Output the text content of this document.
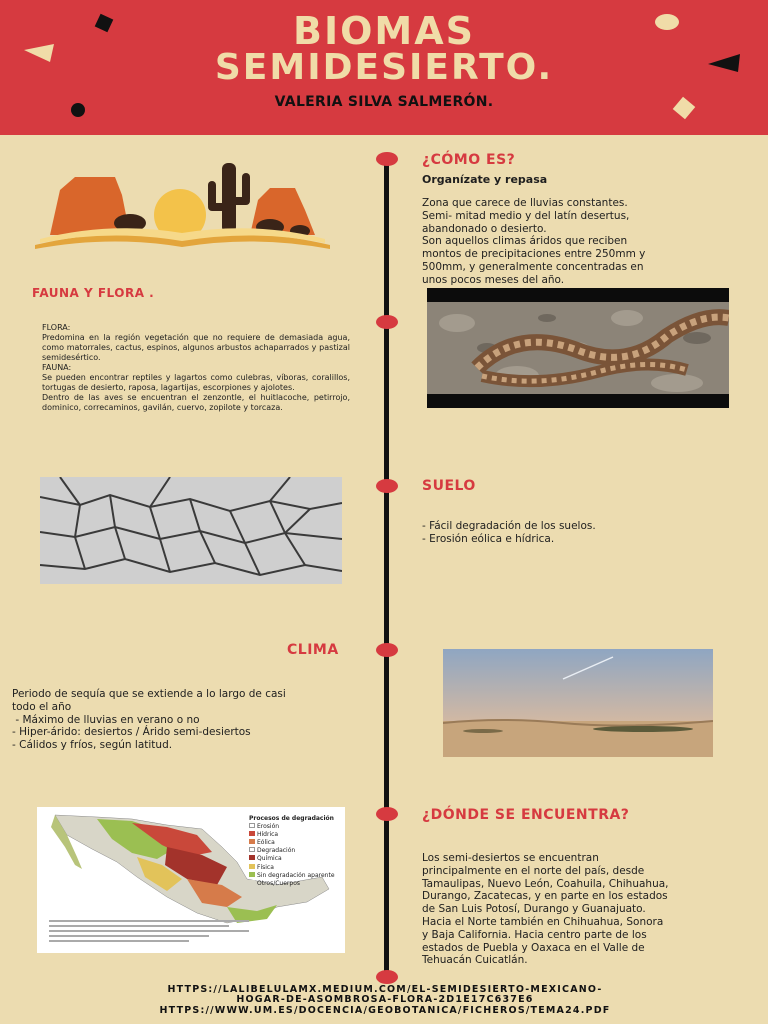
BIOMAS
SEMIDESIERTO.
VALERIA SILVA SALMERÓN.
¿CÓMO ES?
Organízate y repasa
Zona que carece de lluvias constantes.
Semi- mitad medio y del latín desertus,
abandonado o desierto.
Son aquellos climas áridos que reciben
montos de precipitaciones entre 250mm y
500mm, y generalmente concentradas en
unos pocos meses del año.
FAUNA Y FLORA .
FLORA:
Predomina en la región vegetación que no requiere de demasiada agua, como matorrales, cactus, espinos, algunos arbustos achaparrados y pastizal semidesértico.
FAUNA:
Se pueden encontrar reptiles y lagartos como culebras, víboras, coralillos, tortugas de desierto, raposa, lagartijas, escorpiones y ajolotes.
Dentro de las aves se encuentran el zenzontle, el huitlacoche, petirrojo, dominico, correcaminos, gavilán, cuervo, zopilote y torcaza.
SUELO
- Fácil degradación de los suelos.
- Erosión eólica e hídrica.
CLIMA
Periodo de sequía que se extiende a lo largo de casi
todo el año
- Máximo de lluvias en verano o no
- Hiper-árido: desiertos / Árido semi-desiertos
- Cálidos y fríos, según latitud.
Procesos de degradación
Erosión
Hídrica
Eólica
Degradación
Química
Física
Sin degradación aparente
Otros/Cuerpos
¿DÓNDE SE ENCUENTRA?
Los semi-desiertos se encuentran
principalmente en el norte del país, desde
Tamaulipas, Nuevo León, Coahuila, Chihuahua,
Durango, Zacatecas, y en parte en los estados
de San Luis Potosí, Durango y Guanajuato.
Hacia el Norte también en Chihuahua, Sonora
y Baja California. Hacia centro parte de los
estados de Puebla y Oaxaca en el Valle de
Tehuacán Cuicatlán.
HTTPS://LALIBELULAMX.MEDIUM.COM/EL-SEMIDESIERTO-MEXICANO-
HOGAR-DE-ASOMBROSA-FLORA-2D1E17C637E6
HTTPS://WWW.UM.ES/DOCENCIA/GEOBOTANICA/FICHEROS/TEMA24.PDF
